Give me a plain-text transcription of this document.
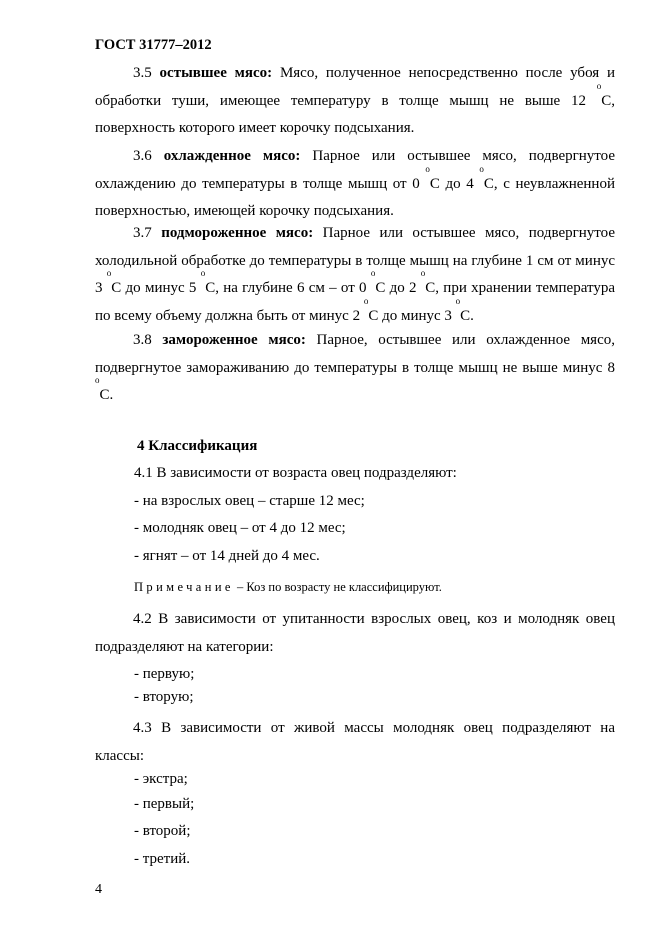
ГОСТ 31777–2012

3.5 остывшее мясо: Мясо, полученное непосредственно после убоя и обработки туши, имеющее температуру в толще мышц не выше 12 $^o$С, поверхность которого имеет корочку подсыхания.

3.6 охлажденное мясо: Парное или остывшее мясо, подвергнутое охлаждению до температуры в толще мышц от 0 $^o$С до 4 $^o$С, с неувлажненной поверхностью, имеющей корочку подсыхания.

3.7 подмороженное мясо: Парное или остывшее мясо, подвергнутое холодильной обработке до температуры в толще мышц на глубине 1 см от минус 3 $^o$С до минус 5 $^o$С, на глубине 6 см – от 0 $^o$С до 2 $^o$С, при хранении температура по всему объему должна быть от минус 2 $^o$С до минус 3 $^o$С.

3.8 замороженное мясо: Парное, остывшее или охлажденное мясо, подвергнутое замораживанию до температуры в толще мышц не выше минус 8 $^o$С.

4 Классификация
4.1 В зависимости от возраста овец подразделяют:
- на взрослых овец – старше 12 мес;
- молодняк овец – от 4 до 12 мес;
- ягнят – от 14 дней до 4 мес.
Примечание – Коз по возрасту не классифицируют.

4.2 В зависимости от упитанности взрослых овец, коз и молодняк овец подразделяют на категории:

- первую;
- вторую;

4.3 В зависимости от живой массы молодняк овец подразделяют на классы:

- экстра;
- первый;
- второй;
- третий.
4
